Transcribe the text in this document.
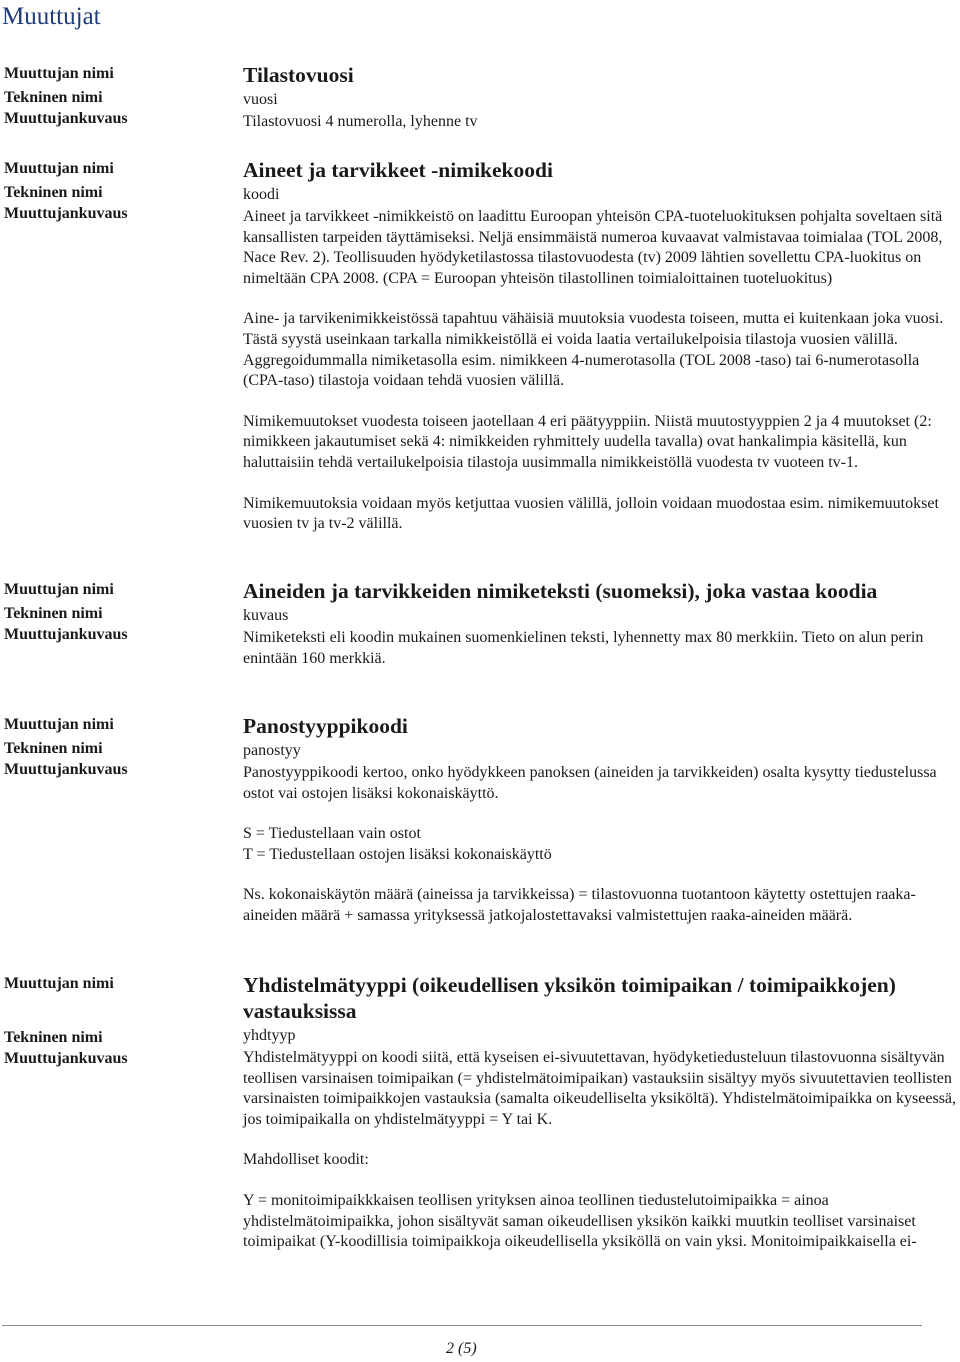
Muuttujat
Muuttujan nimi
Tekninen nimi
Muuttujankuvaus
Tilastovuosi
vuosi

Tilastovuosi 4 numerolla, lyhenne tv

Muuttujan nimi
Tekninen nimi
Muuttujankuvaus
Aineet ja tarvikkeet -nimikekoodi
koodi

Aineet ja tarvikkeet -nimikkeistö on laadittu Euroopan yhteisön CPA-tuoteluokituksen pohjalta soveltaen sitä kansallisten tarpeiden täyttämiseksi. Neljä ensimmäistä numeroa kuvaavat valmistavaa toimialaa (TOL 2008, Nace Rev. 2). Teollisuuden hyödyketilastossa tilastovuodesta (tv) 2009 lähtien sovellettu CPA-luokitus on nimeltään CPA 2008. (CPA = Euroopan yhteisön tilastollinen toimialoittainen tuoteluokitus)

Aine- ja tarvikenimikkeistössä tapahtuu vähäisiä muutoksia vuodesta toiseen, mutta ei kuitenkaan joka vuosi. Tästä syystä useinkaan tarkalla nimikkeistöllä ei voida laatia vertailukelpoisia tilastoja vuosien välillä. Aggregoidummalla nimiketasolla esim. nimikkeen 4-numerotasolla (TOL 2008 -taso) tai 6-numerotasolla (CPA-taso) tilastoja voidaan tehdä vuosien välillä.

Nimikemuutokset vuodesta toiseen jaotellaan 4 eri päätyyppiin. Niistä muutostyyppien 2 ja 4 muutokset (2: nimikkeen jakautumiset sekä 4: nimikkeiden ryhmittely uudella tavalla) ovat hankalimpia käsitellä, kun haluttaisiin tehdä vertailukelpoisia tilastoja uusimmalla nimikkeistöllä vuodesta tv vuoteen tv-1.

Nimikemuutoksia voidaan myös ketjuttaa vuosien välillä, jolloin voidaan muodostaa esim. nimikemuutokset vuosien tv ja tv-2 välillä.

Muuttujan nimi
Tekninen nimi
Muuttujankuvaus
Aineiden ja tarvikkeiden nimiketeksti (suomeksi), joka vastaa koodia
kuvaus

Nimiketeksti eli koodin mukainen suomenkielinen teksti, lyhennetty max 80 merkkiin. Tieto on alun perin enintään 160 merkkiä.

Muuttujan nimi
Tekninen nimi
Muuttujankuvaus
Panostyyppikoodi
panostyy

Panostyyppikoodi kertoo, onko hyödykkeen panoksen (aineiden ja tarvikkeiden) osalta kysytty tiedustelussa ostot vai ostojen lisäksi kokonaiskäyttö.

S = Tiedustellaan vain ostot

T = Tiedustellaan ostojen lisäksi kokonaiskäyttö

Ns. kokonaiskäytön määrä (aineissa ja tarvikkeissa) = tilastovuonna tuotantoon käytetty ostettujen raaka-aineiden määrä + samassa yrityksessä jatkojalostettavaksi valmistettujen raaka-aineiden määrä.

Muuttujan nimi
Tekninen nimi
Muuttujankuvaus
Yhdistelmätyyppi (oikeudellisen yksikön toimipaikan / toimipaikkojen) vastauksissa
yhdtyyp

Yhdistelmätyyppi on koodi siitä, että kyseisen ei-sivuutettavan, hyödyketiedusteluun tilastovuonna sisältyvän teollisen varsinaisen toimipaikan (= yhdistelmätoimipaikan) vastauksiin sisältyy myös sivuutettavien teollisten varsinaisten toimipaikkojen vastauksia (samalta oikeudelliselta yksiköltä). Yhdistelmätoimipaikka on kyseessä, jos toimipaikalla on yhdistelmätyyppi = Y tai K.

Mahdolliset koodit:

Y = monitoimipaikkkaisen teollisen yrityksen ainoa teollinen tiedustelutoimipaikka = ainoa yhdistelmätoimipaikka, johon sisältyvät saman oikeudellisen yksikön kaikki muutkin teolliset varsinaiset toimipaikat (Y-koodillisia toimipaikkoja oikeudellisella yksiköllä on vain yksi. Monitoimipaikkaisella ei-

2 (5)
